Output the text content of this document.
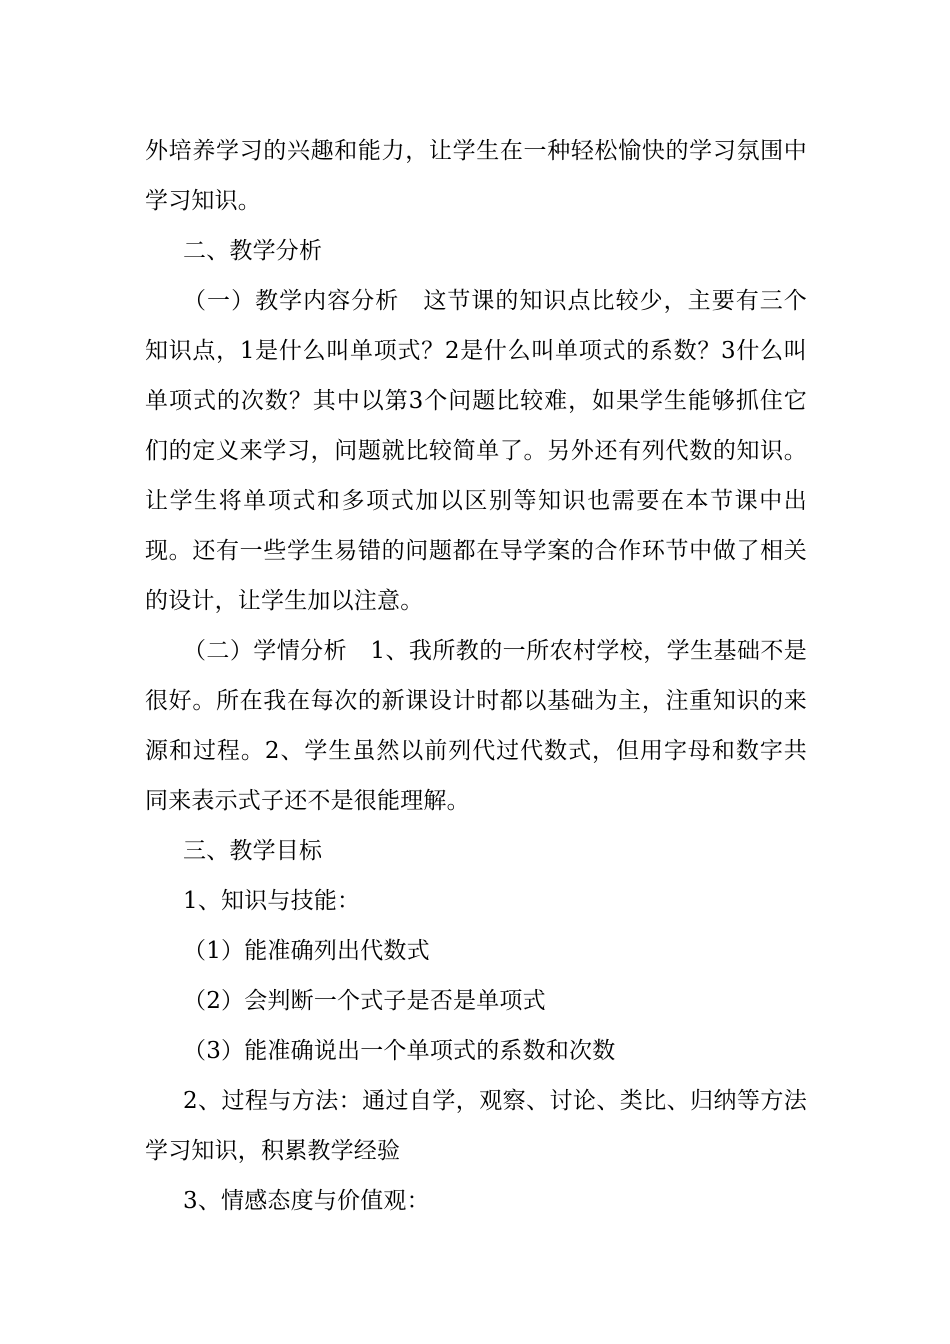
外培养学习的兴趣和能力，让学生在一种轻松愉快的学习氛围中学习知识。

二、教学分析

（一）教学内容分析　这节课的知识点比较少，主要有三个知识点，1是什么叫单项式？2是什么叫单项式的系数？3什么叫单项式的次数？其中以第3个问题比较难，如果学生能够抓住它们的定义来学习，问题就比较简单了。另外还有列代数的知识。让学生将单项式和多项式加以区别等知识也需要在本节课中出现。还有一些学生易错的问题都在导学案的合作环节中做了相关的设计，让学生加以注意。

（二）学情分析　1、我所教的一所农村学校，学生基础不是很好。所在我在每次的新课设计时都以基础为主，注重知识的来源和过程。2、学生虽然以前列代过代数式，但用字母和数字共同来表示式子还不是很能理解。

三、教学目标

1、知识与技能：

（1）能准确列出代数式

（2）会判断一个式子是否是单项式

（3）能准确说出一个单项式的系数和次数

2、过程与方法：通过自学，观察、讨论、类比、归纳等方法学习知识，积累教学经验

3、情感态度与价值观：
